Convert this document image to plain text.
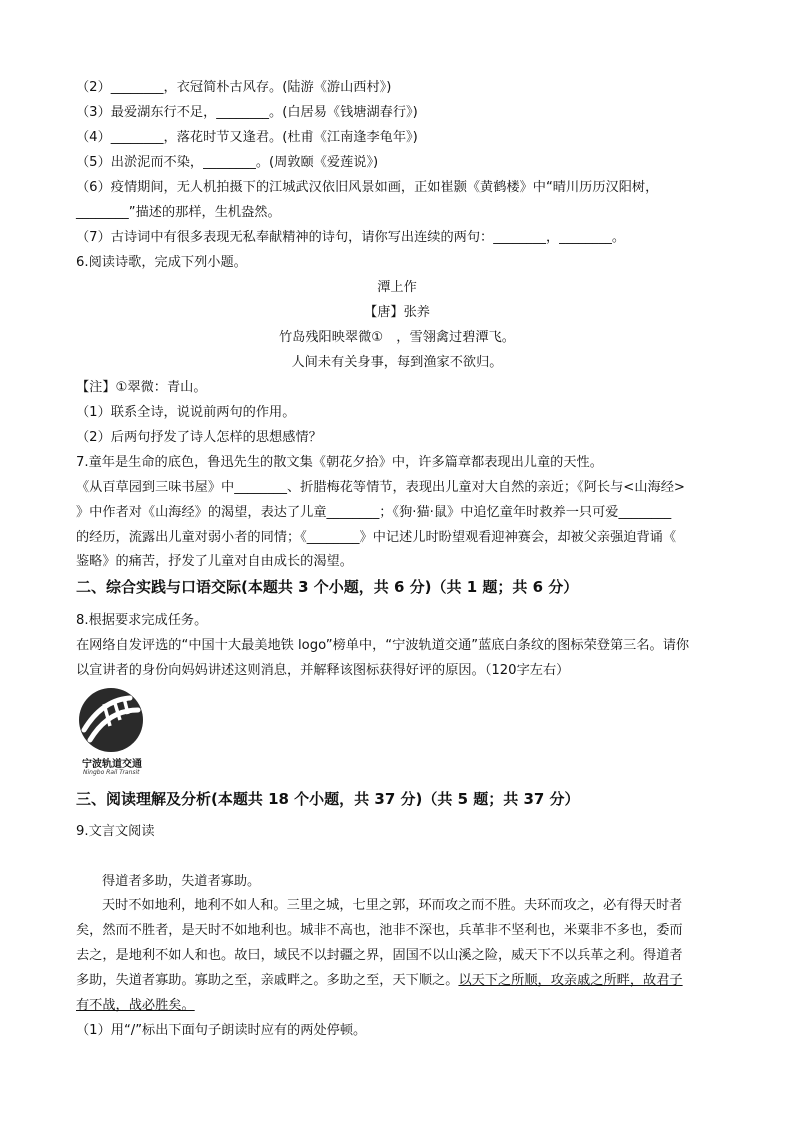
（2）________，衣冠简朴古风存。(陆游《游山西村》)
（3）最爱湖东行不足，________。(白居易《钱塘湖春行》)
（4）________，落花时节又逢君。(杜甫《江南逢李龟年》)
（5）出淤泥而不染，________。(周敦颐《爱莲说》)
（6）疫情期间，无人机拍摄下的江城武汉依旧风景如画，正如崔颢《黄鹤楼》中“晴川历历汉阳树，
________”描述的那样，生机盎然。
（7）古诗词中有很多表现无私奉献精神的诗句，请你写出连续的两句：________，________。
6.阅读诗歌，完成下列小题。
潭上作
【唐】张养
竹岛残阳映翠微①　，雪翎禽过碧潭飞。
人间未有关身事，每到渔家不欲归。
【注】①翠微：青山。
（1）联系全诗，说说前两句的作用。
（2）后两句抒发了诗人怎样的思想感情？
7.童年是生命的底色，鲁迅先生的散文集《朝花夕拾》中，许多篇章都表现出儿童的天性。
《从百草园到三味书屋》中________、折腊梅花等情节，表现出儿童对大自然的亲近；《阿长与<山海经>
》中作者对《山海经》的渴望，表达了儿童________；《狗·猫·鼠》中追忆童年时救养一只可爱________
的经历，流露出儿童对弱小者的同情；《________》中记述儿时盼望观看迎神赛会，却被父亲强迫背诵《
鉴略》的痛苦，抒发了儿童对自由成长的渴望。
二、综合实践与口语交际(本题共 3 个小题，共 6 分)（共 1 题；共 6 分）
8.根据要求完成任务。
在网络自发评选的“中国十大最美地铁 logo”榜单中，“宁波轨道交通”蓝底白条纹的图标荣登第三名。请你
以宣讲者的身份向妈妈讲述这则消息，并解释该图标获得好评的原因。（120字左右）
宁波轨道交通
Ningbo Rail Transit
三、阅读理解及分析(本题共 18 个小题，共 37 分)（共 5 题；共 37 分）
9.文言文阅读
得道者多助，失道者寡助。
天时不如地利，地利不如人和。三里之城，七里之郭，环而攻之而不胜。夫环而攻之，必有得天时者
矣，然而不胜者，是天时不如地利也。城非不高也，池非不深也，兵革非不坚利也，米粟非不多也，委而
去之，是地利不如人和也。故曰，域民不以封疆之界，固国不以山溪之险，威天下不以兵革之利。得道者
多助，失道者寡助。寡助之至，亲戚畔之。多助之至，天下顺之。以天下之所顺，攻亲戚之所畔，故君子
有不战，战必胜矣。
（1）用“/”标出下面句子朗读时应有的两处停顿。
